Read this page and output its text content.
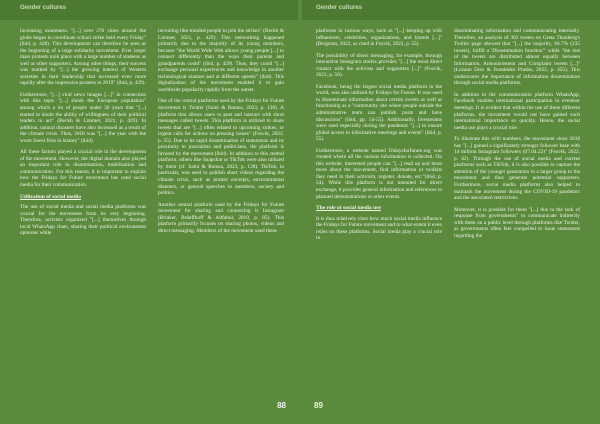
Gender cultures

increasing awareness. "[...] over 270 cities around the globe began to coordinate school strike held every Friday"(ibid, p. 428). This development can therefore be seen as the beginning of a large solidarity movement. Ever larger mass protests took place with a large number of students as well as other supporters. Among other things, their success was marked by "[...] the growing interest of Western societies in their leadership that increased even more rapidly after the impressive protests in 2019" (ibid, p. 429).

Furthermore, "[...] viral news images [...]" in connection with this topic "[...] shook the European population" among which a lot of people under 30 years that "[...] started to doubt the ability of willingness of their political leaders to act" (Beckh & Limmer, 2021, p. 429). In addition, natural disasters have also increased as a result of the climate crisis. Thus, 2018 was "[...] the year with the worst forest fires in history" (ibid).

All these factors played a crucial role in the development of the movement. However, the digital domain also played an important role in dissemination, mobilization and communication. For this reason, it is important to explain how the Fridays for Future movement has used social media for their communication.

Utilization of social media

The use of social media and social media platforms was crucial for the movement from its very beginning. Therefore, activists organized "[...] themselves through local WhatsApp chats, sharing their political environment opinions while

recruiting like-minded people to join the strikes" (Beckh & Limmer, 2021, p. 429). This networking happened primarily due to the majority of its young members, because "the World Wide Web allows young people [...] to connect differently than the ways their parents and grandparents could" (ibid, p. 429). Thus, they could "[...] exchange personal experiences and knowledge in another technological manner and at different speeds" (ibid). This digitalization of the movement enabled it to gain worldwide popularity rapidly from the outset.

One of the central platforms used by the Fridays for Future movement is Twitter (Saini & Rumsa, 2023, p. 138). A platform that allows users to post and interact with short messages called tweets. This platform is utilized to share tweets that are "[...] often related to upcoming strikes, or urgent calls for actions on pressing issues" (Fosvik, 2022, p. 55). Due to its rapid dissemination of statements and its proximity to journalists and politicians, the platform is favored by the movement (ibid). In addition to this central platform, others like Snapchat or TikTok were also utilized by them (cf. Saini & Rumsa, 2023, p. 138). TikTok, in particular, was used to publish short videos regarding the climate crisis, such as protest excerpts, environmental disasters, or general speeches to members, society and politics.

Another central platform used by the Fridays for Future movement for sharing and connecting is Instagram (Brinker, Brüeffhoff & Altfabul, 2019, p. 85). This platform primarily focuses on sharing photos, videos and direct messaging. Members of the movement used these

88
Gender cultures

platforms in various ways, such as "[...] keeping up with influencers, celebrities, organizations, and brands [...]" (Bergman, 2022, as cited in Fosvik, 2022, p. 55).

The possibility of direct messaging, for example, through interactive Instagram stories provides "[...] the most direct contact with the activists and supporters [...]" (Fosvik, 2022, p. 56).

Facebook, being the largest social media platform in the world, was also utilized by Fridays for Future. It was used to disseminate information about certain events as well as functioning as a "community site where people outside the administrative team can publish posts and have discussions" (ibid, pp. 54-55). Additionally, livestreams were used especially during the pandemic "[...] to ensure global access to informative meetings and events" (ibid, p. 55).

Furthermore, a website named fridaysforfuture.org was created where all the various information is collected. On this website, interested people can "[...] read up and learn more about the movement, find information or toolkits they need in their activism, register, donate, etc."(ibid, p. 54). While this platform is not intended for direct exchange, it provides general information and references to planned demonstrations or other events.

The role of social media use

It is thus relatively clear how much social media influence the Fridays for Future movement and to what extent it even relies on these platforms. Social media play a crucial role in

disseminating information and communicating internally. Therefore, an analysis of 363 tweets on Greta Thunberg's Twitter page showed that "[...] the majority, 64.7% (235 tweets), fulfill a 'Dissemination function'" while "the rest of the tweets are distributed almost equally between Information, Announcement and Complaint tweets [...]" (Lozano Diez & Fernández Prados, 2022, p. 455). This underscores the importance of information dissemination through social media platforms.

In addition to the communication platform WhatsApp, Facebook enables international participation in eventsor meetings. It is evident that within the use of these different platforms, the movement would not have gained such international importance so quickly. Hence, the social media use plays a crucial role.

To illustrate this with numbers, the movement since 2018 has "[...] gained a significantly stronger follower base with 14 million Instagram followers (07.04.22)" (Fosvik, 2022, p. 42). Through the use of social media and current platforms such as TikTok, it is also possible to capture the attention of the younger generation in a larger group to the movement and thus generate potential supporters. Furthermore, social media platforms also helped to maintain the movement during the COVID-19 pandemic and the associated restrictions.

Moreover, it is possible for them "[...] due to the lack of response from governments" to communicate indirectly with them on a public level through platforms like Twitter, as governments often feel compelled to issue statements regarding the

89
